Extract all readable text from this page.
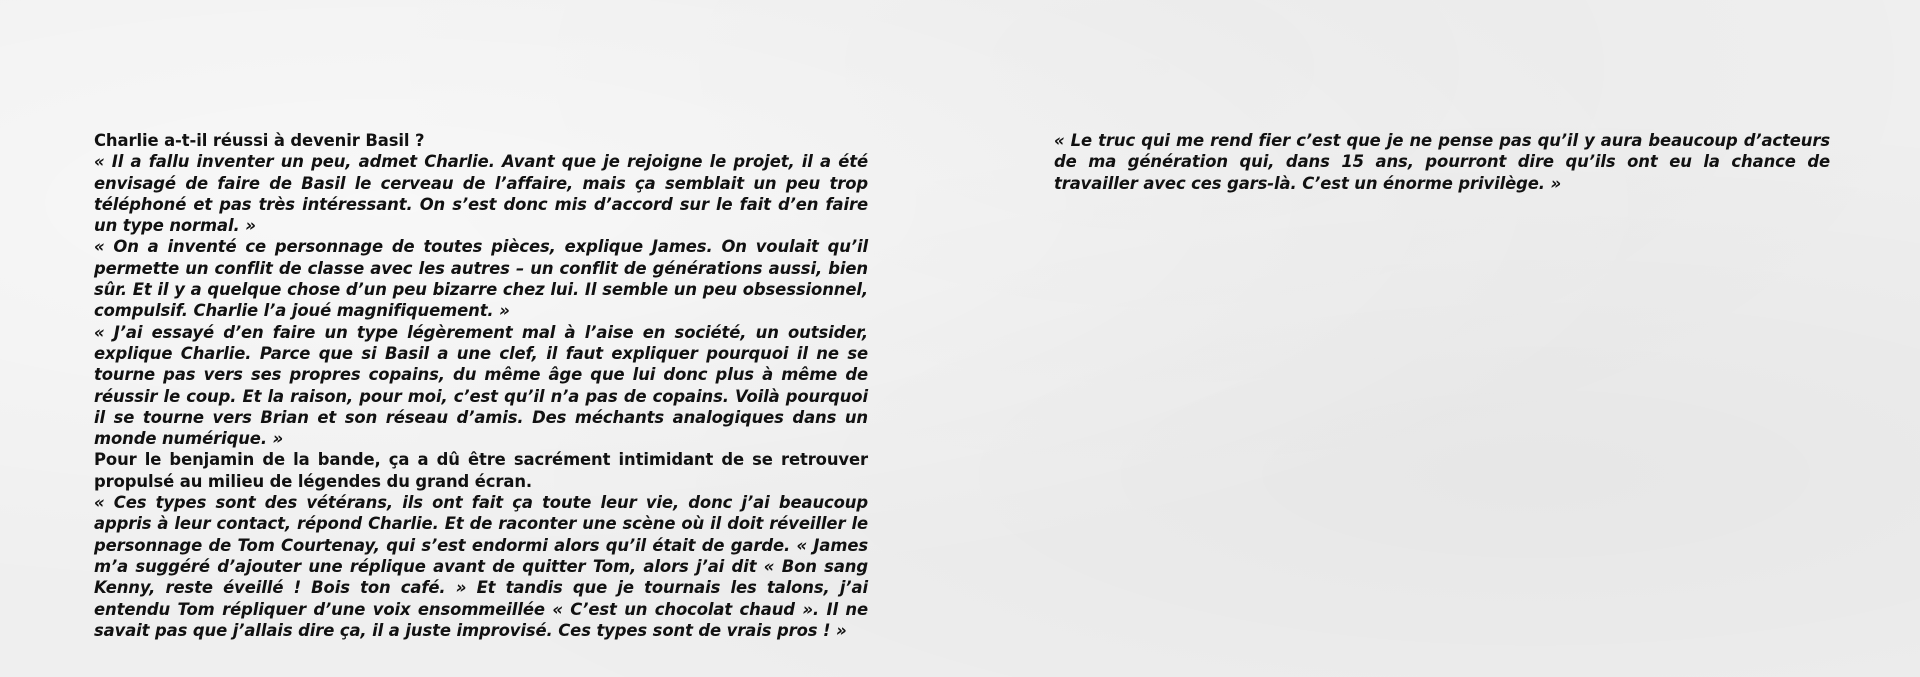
Charlie a-t-il réussi à devenir Basil ?

« Il a fallu inventer un peu, admet Charlie. Avant que je rejoigne le projet, il a été envisagé de faire de Basil le cerveau de l’affaire, mais ça semblait un peu trop téléphoné et pas très intéressant. On s’est donc mis d’accord sur le fait d’en faire un type normal. »

« On a inventé ce personnage de toutes pièces, explique James. On voulait qu’il permette un conflit de classe avec les autres – un conflit de générations aussi, bien sûr. Et il y a quelque chose d’un peu bizarre chez lui. Il semble un peu obsessionnel, compulsif. Charlie l’a joué magnifiquement. »

« J’ai essayé d’en faire un type légèrement mal à l’aise en société, un outsider, explique Charlie. Parce que si Basil a une clef, il faut expliquer pourquoi il ne se tourne pas vers ses propres copains, du même âge que lui donc plus à même de réussir le coup. Et la raison, pour moi, c’est qu’il n’a pas de copains. Voilà pourquoi il se tourne vers Brian et son réseau d’amis. Des méchants analogiques dans un monde numérique. »

Pour le benjamin de la bande, ça a dû être sacrément intimidant de se retrouver propulsé au milieu de légendes du grand écran.

« Ces types sont des vétérans, ils ont fait ça toute leur vie, donc j’ai beaucoup appris à leur contact, répond Charlie. Et de raconter une scène où il doit réveiller le personnage de Tom Courtenay, qui s’est endormi alors qu’il était de garde. « James m’a suggéré d’ajouter une réplique avant de quitter Tom, alors j’ai dit « Bon sang Kenny, reste éveillé ! Bois ton café. » Et tandis que je tournais les talons, j’ai entendu Tom répliquer d’une voix ensommeillée « C’est un chocolat chaud ». Il ne savait pas que j’allais dire ça, il a juste improvisé. Ces types sont de vrais pros ! »

« Le truc qui me rend fier c’est que je ne pense pas qu’il y aura beaucoup d’acteurs de ma génération qui, dans 15 ans, pourront dire qu’ils ont eu la chance de travailler avec ces gars-là. C’est un énorme privilège. »
